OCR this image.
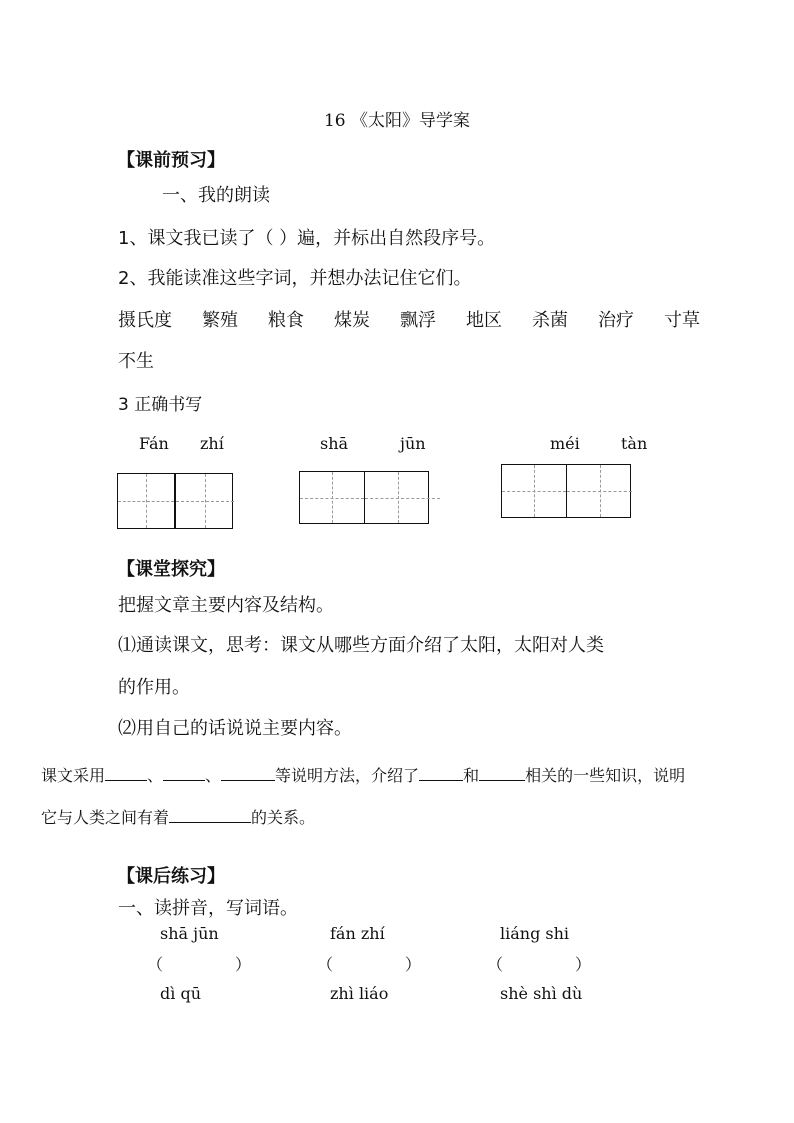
16 《太阳》导学案
【课前预习】
一、我的朗读
1、课文我已读了（ ）遍，并标出自然段序号。
2、我能读准这些字词，并想办法记住它们。
摄氏度 繁殖 粮食 煤炭 飘浮 地区 杀菌 治疗 寸草
不生
3 正确书写
Fán zhí	shā	jūn	méi	tàn
【课堂探究】
把握文章主要内容及结构。
⑴通读课文，思考：课文从哪些方面介绍了太阳，太阳对人类
的作用。
⑵用自己的话说说主要内容。
课文采用	、	、	等说明方法，介绍了	和	相关的一些知识，说明
它与人类之间有着	的关系。
【课后练习】
一、读拼音，写词语。
shā jūn	fán zhí	liáng shi
（	）	（	）	（	）
dì qū	zhì liáo	shè shì dù
